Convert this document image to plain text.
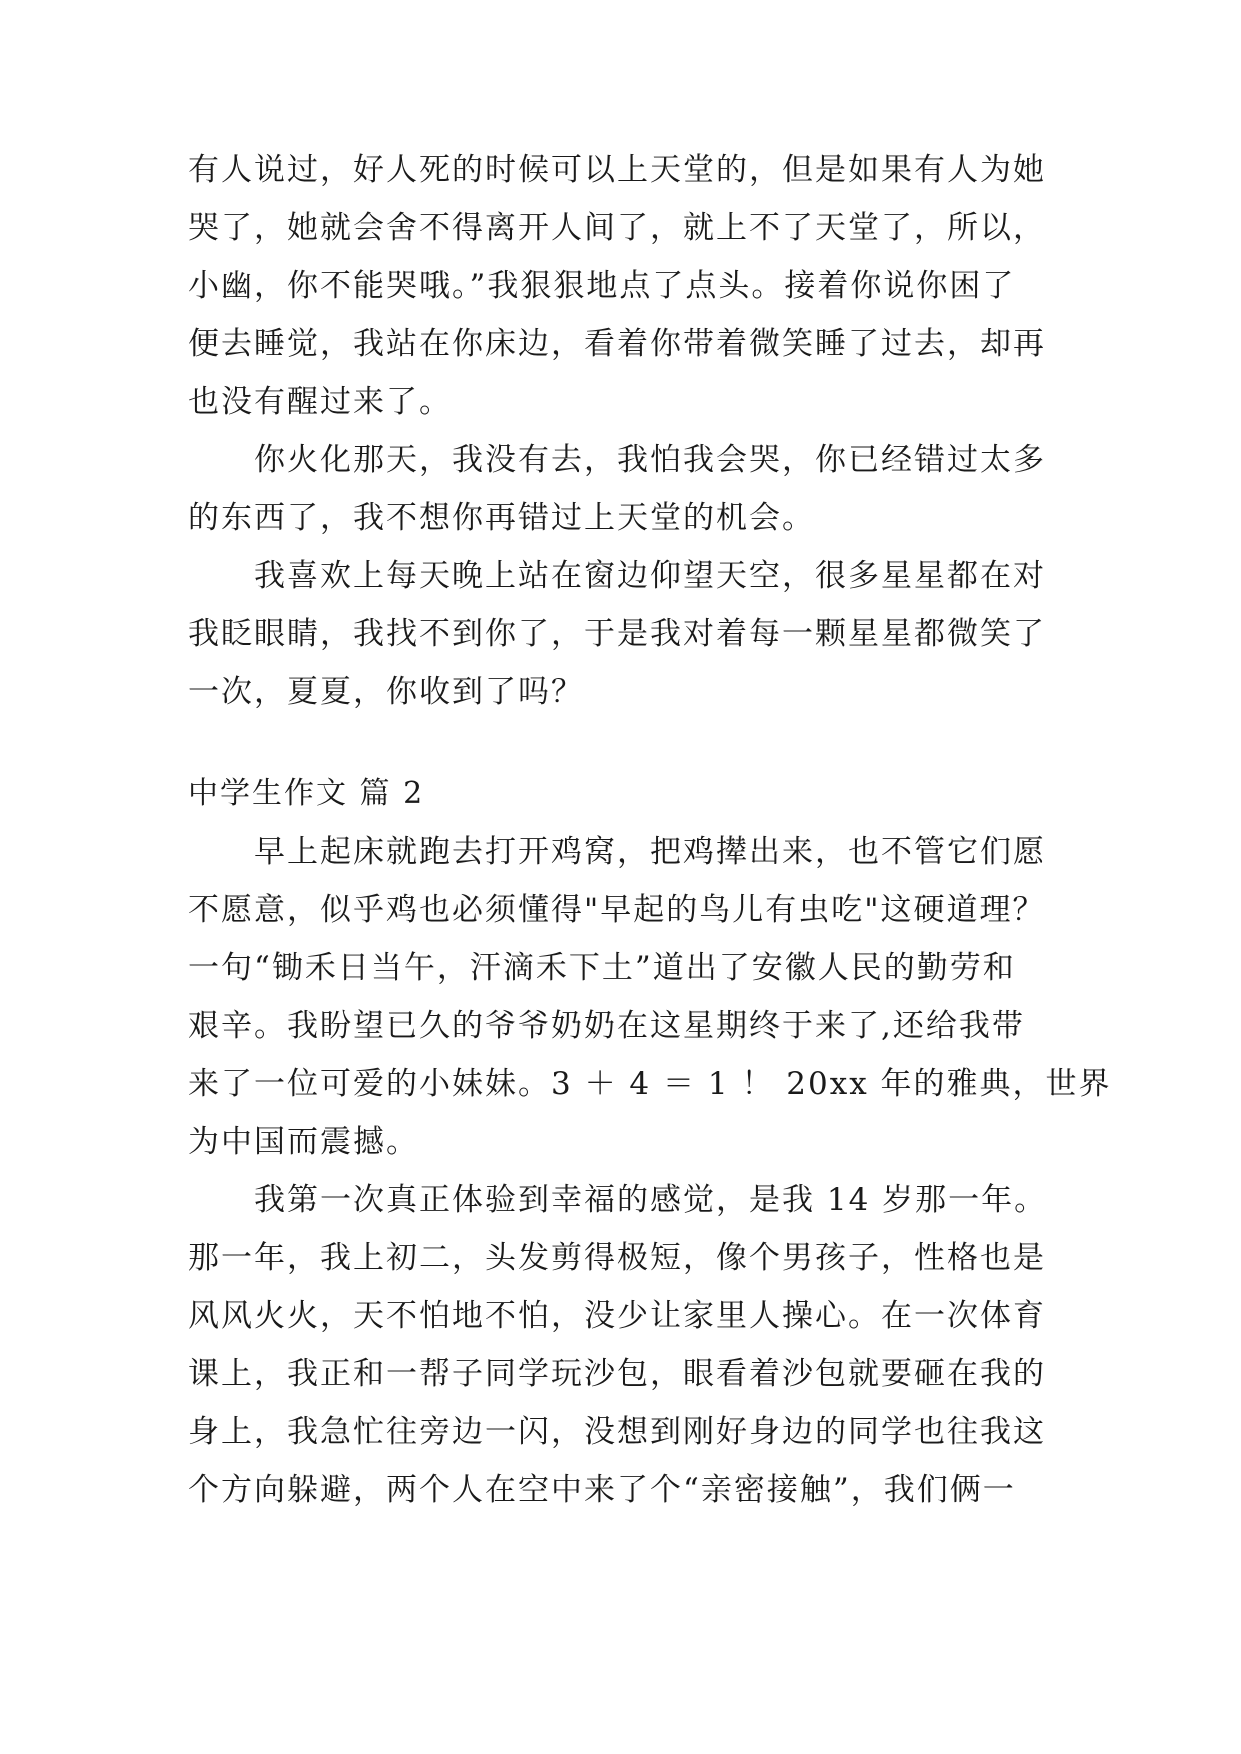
有人说过，好人死的时候可以上天堂的，但是如果有人为她
哭了，她就会舍不得离开人间了，就上不了天堂了，所以，
小幽，你不能哭哦。”我狠狠地点了点头。接着你说你困了
便去睡觉，我站在你床边，看着你带着微笑睡了过去，却再
也没有醒过来了。
　　你火化那天，我没有去，我怕我会哭，你已经错过太多
的东西了，我不想你再错过上天堂的机会。
　　我喜欢上每天晚上站在窗边仰望天空，很多星星都在对
我眨眼睛，我找不到你了，于是我对着每一颗星星都微笑了
一次，夏夏，你收到了吗？
中学生作文 篇 2
　　早上起床就跑去打开鸡窝，把鸡撵出来，也不管它们愿
不愿意，似乎鸡也必须懂得"早起的鸟儿有虫吃"这硬道理？
一句“锄禾日当午，汗滴禾下土”道出了安徽人民的勤劳和
艰辛。我盼望已久的爷爷奶奶在这星期终于来了,还给我带
来了一位可爱的小妹妹。3 ＋ 4 ＝ 1 ！ 20xx 年的雅典，世界
为中国而震撼。
　　我第一次真正体验到幸福的感觉，是我 14 岁那一年。
那一年，我上初二，头发剪得极短，像个男孩子，性格也是
风风火火，天不怕地不怕，没少让家里人操心。在一次体育
课上，我正和一帮子同学玩沙包，眼看着沙包就要砸在我的
身上，我急忙往旁边一闪，没想到刚好身边的同学也往我这
个方向躲避，两个人在空中来了个“亲密接触”，我们俩一
